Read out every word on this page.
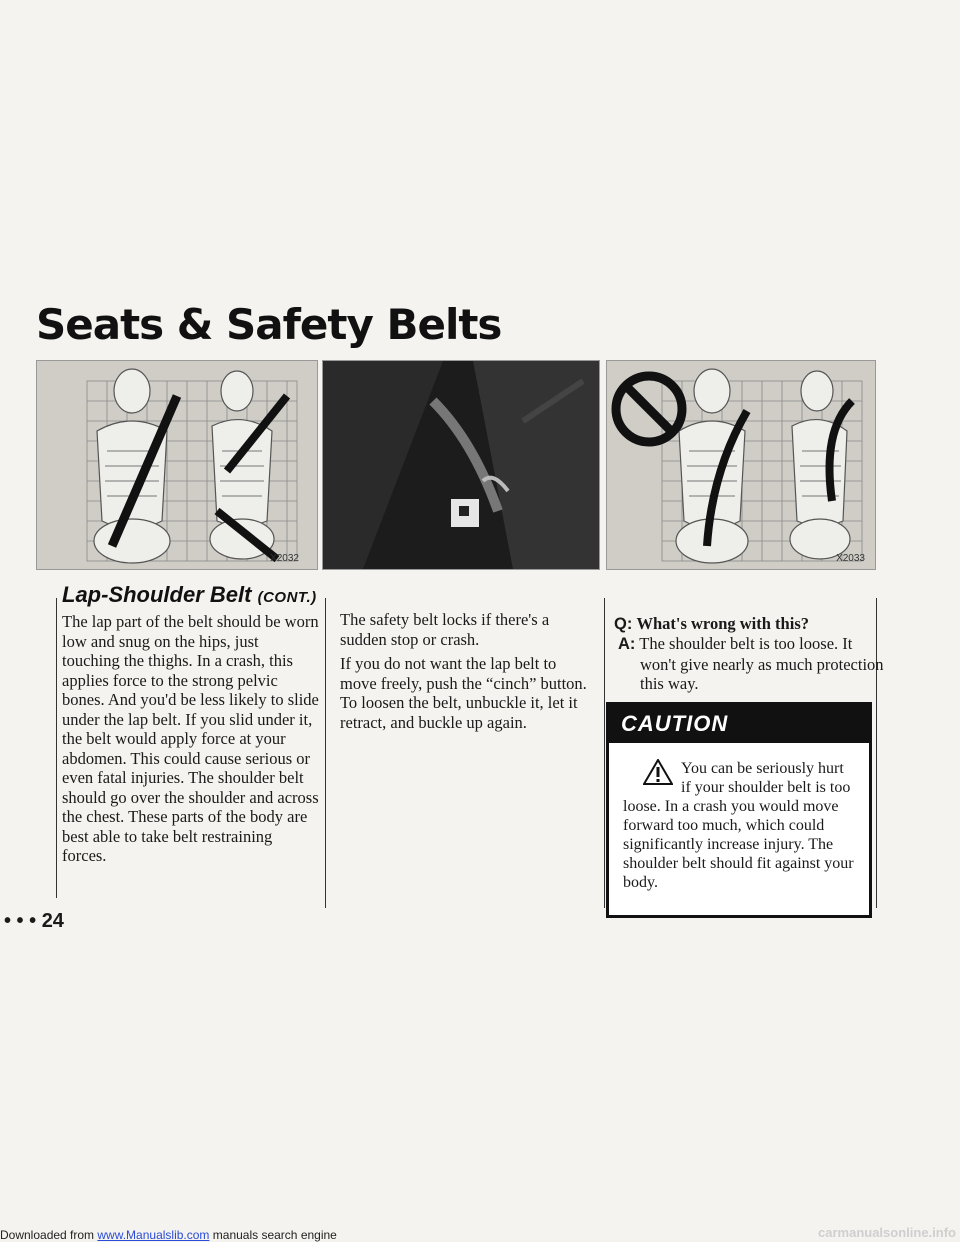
Seats & Safety Belts
X2032	X2033
Lap-Shoulder Belt (CONT.)

The lap part of the belt should be worn low and snug on the hips, just touching the thighs. In a crash, this applies force to the strong pelvic bones. And you'd be less likely to slide under the lap belt. If you slid under it, the belt would apply force at your abdomen. This could cause serious or even fatal injuries. The shoulder belt should go over the shoulder and across the chest. These parts of the body are best able to take belt restraining forces.

The safety belt locks if there's a sudden stop or crash.

If you do not want the lap belt to move freely, push the “cinch” button. To loosen the belt, unbuckle it, let it retract, and buckle up again.

Q: What's wrong with this?
A: The shoulder belt is too loose. It won't give nearly as much protection this way.
CAUTION
You can be seriously hurt if your shoulder belt is too loose. In a crash you would move forward too much, which could significantly increase injury. The shoulder belt should fit against your body.
• • • 24
Downloaded from www.Manualslib.com manuals search engine	carmanualsonline.info
